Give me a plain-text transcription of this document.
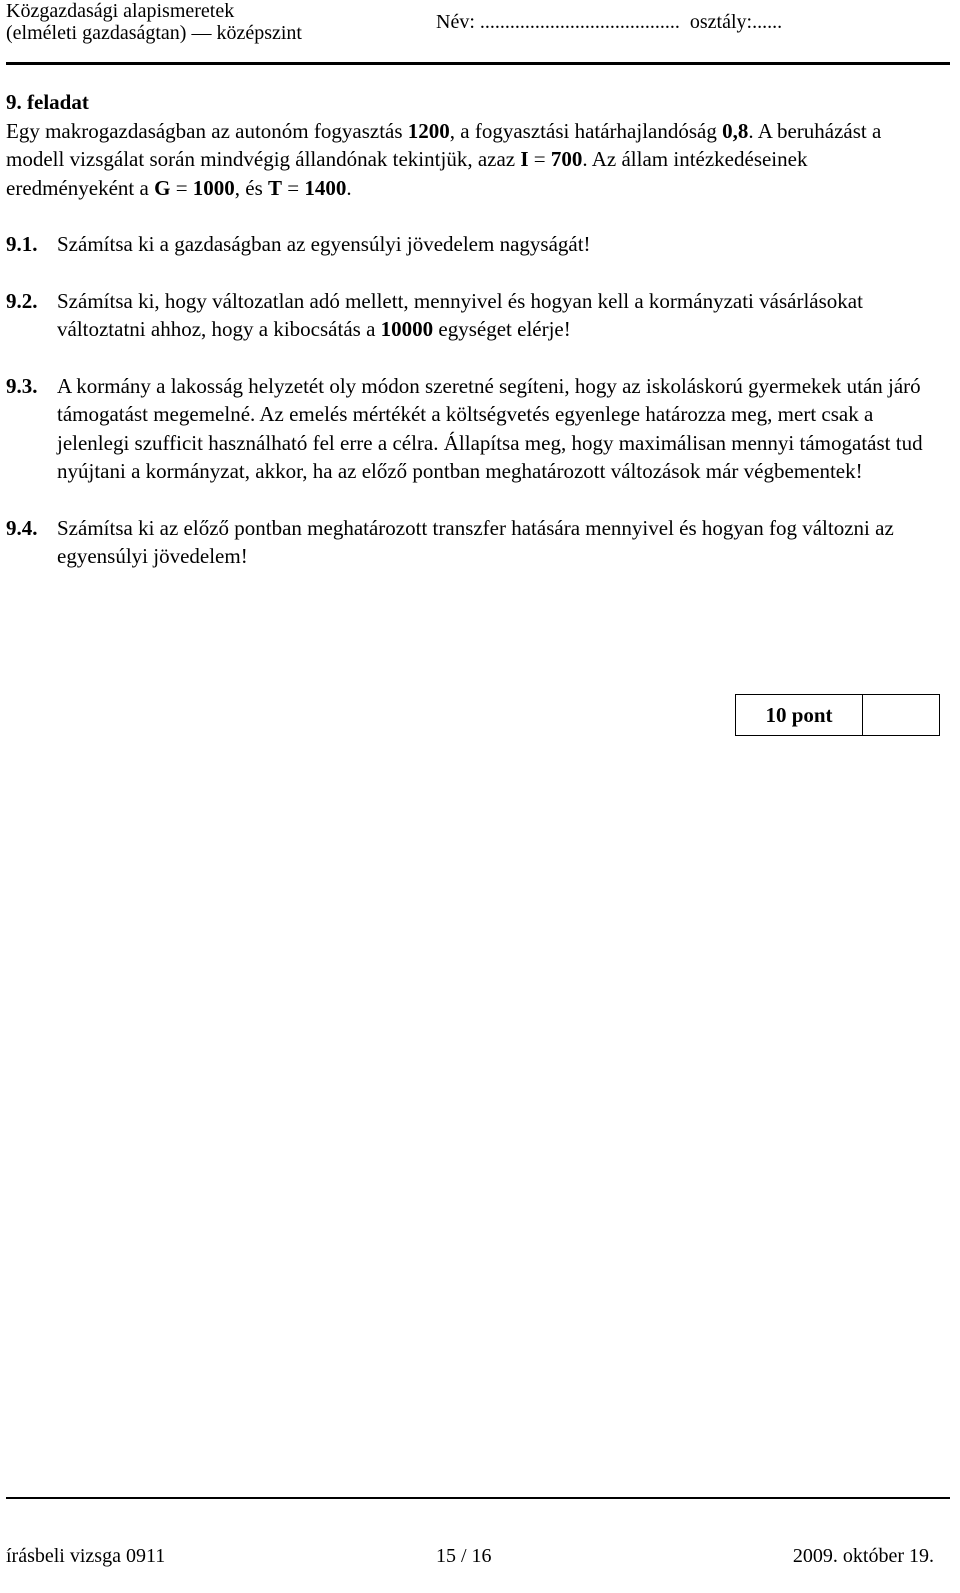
Közgazdasági alapismeretek
(elméleti gazdaságtan) — középszint	Név: ........................................ osztály:......

9. feladat

Egy makrogazdaságban az autonóm fogyasztás 1200, a fogyasztási határhajlandóság 0,8. A beruházást a modell vizsgálat során mindvégig állandónak tekintjük, azaz I = 700. Az állam intézkedéseinek eredményeként a G = 1000, és T = 1400.

9.1. Számítsa ki a gazdaságban az egyensúlyi jövedelem nagyságát!
9.2. Számítsa ki, hogy változatlan adó mellett, mennyivel és hogyan kell a kormányzati vásárlásokat változtatni ahhoz, hogy a kibocsátás a 10000 egységet elérje!
9.3. A kormány a lakosság helyzetét oly módon szeretné segíteni, hogy az iskoláskorú gyermekek után járó támogatást megemelné. Az emelés mértékét a költségvetés egyenlege határozza meg, mert csak a jelenlegi szufficit használható fel erre a célra. Állapítsa meg, hogy maximálisan mennyi támogatást tud nyújtani a kormányzat, akkor, ha az előző pontban meghatározott változások már végbementek!
9.4. Számítsa ki az előző pontban meghatározott transzfer hatására mennyivel és hogyan fog változni az egyensúlyi jövedelem!
10 pont
írásbeli vizsga 0911	15 / 16	2009. október 19.
